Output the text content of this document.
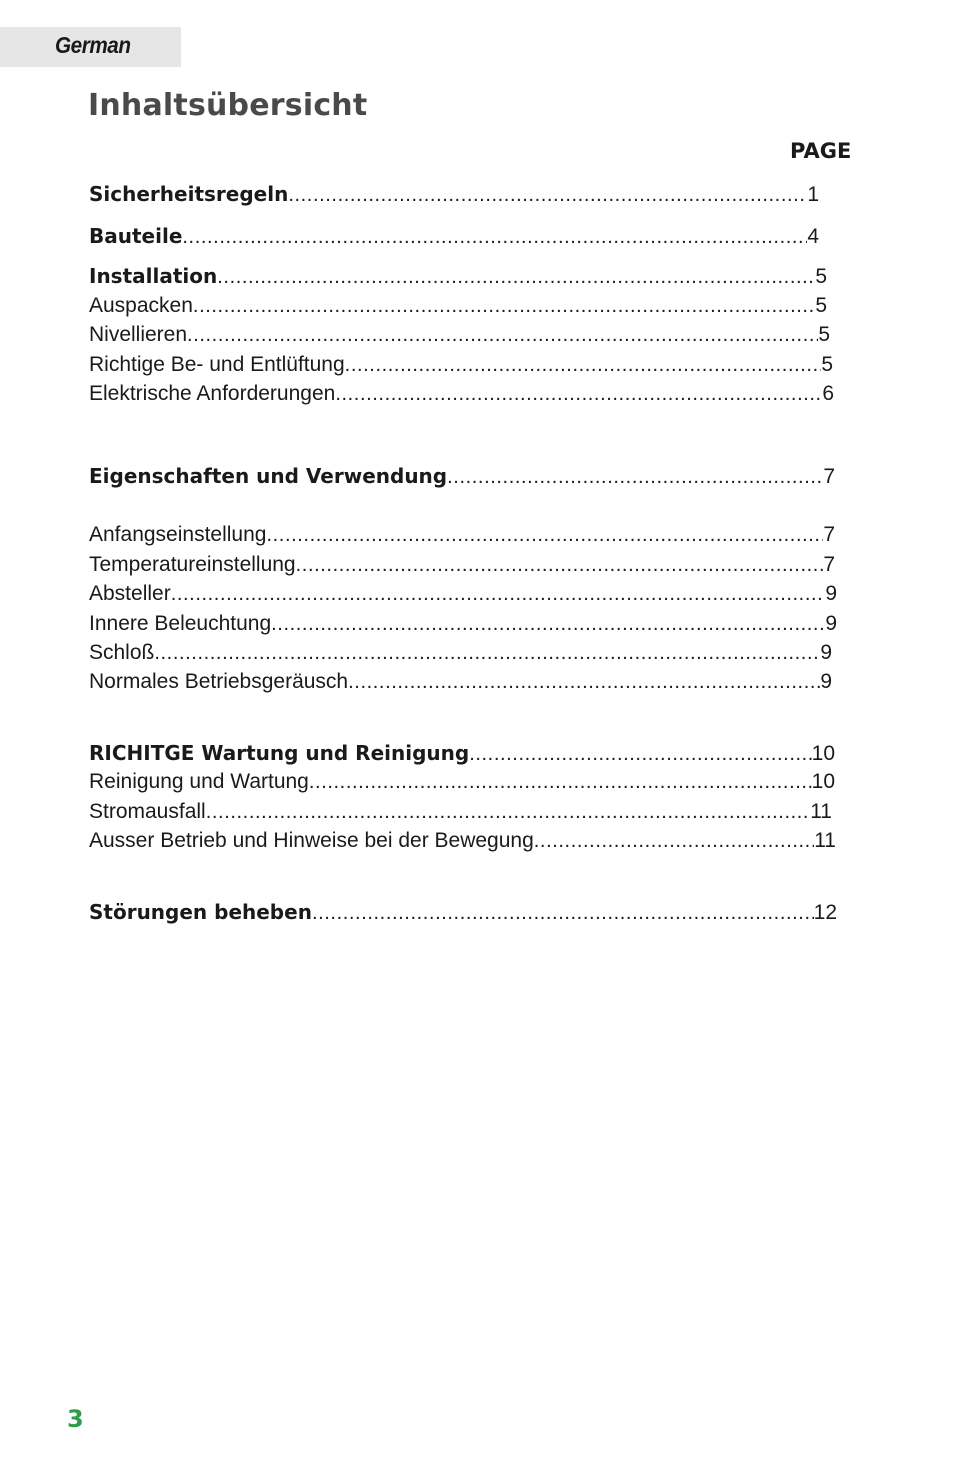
German
Inhaltsübersicht
PAGE
Sicherheitsregeln .....	1
Bauteile .....	4
Installation .....	5
Auspacken .....	5
Nivellieren .....	5
Richtige Be- und Entlüftung .....	5
Elektrische Anforderungen .....	6
Eigenschaften und Verwendung .....	7
Anfangseinstellung .....	7
Temperatureinstellung .....	7
Absteller .....	9
Innere Beleuchtung .....	9
Schloß .....	9
Normales Betriebsgeräusch .....	9
RICHITGE Wartung und Reinigung .....	10
Reinigung und Wartung .....	10
Stromausfall .....	11
Ausser Betrieb und Hinweise bei der Bewegung .....	11
Störungen beheben .....	12
3
